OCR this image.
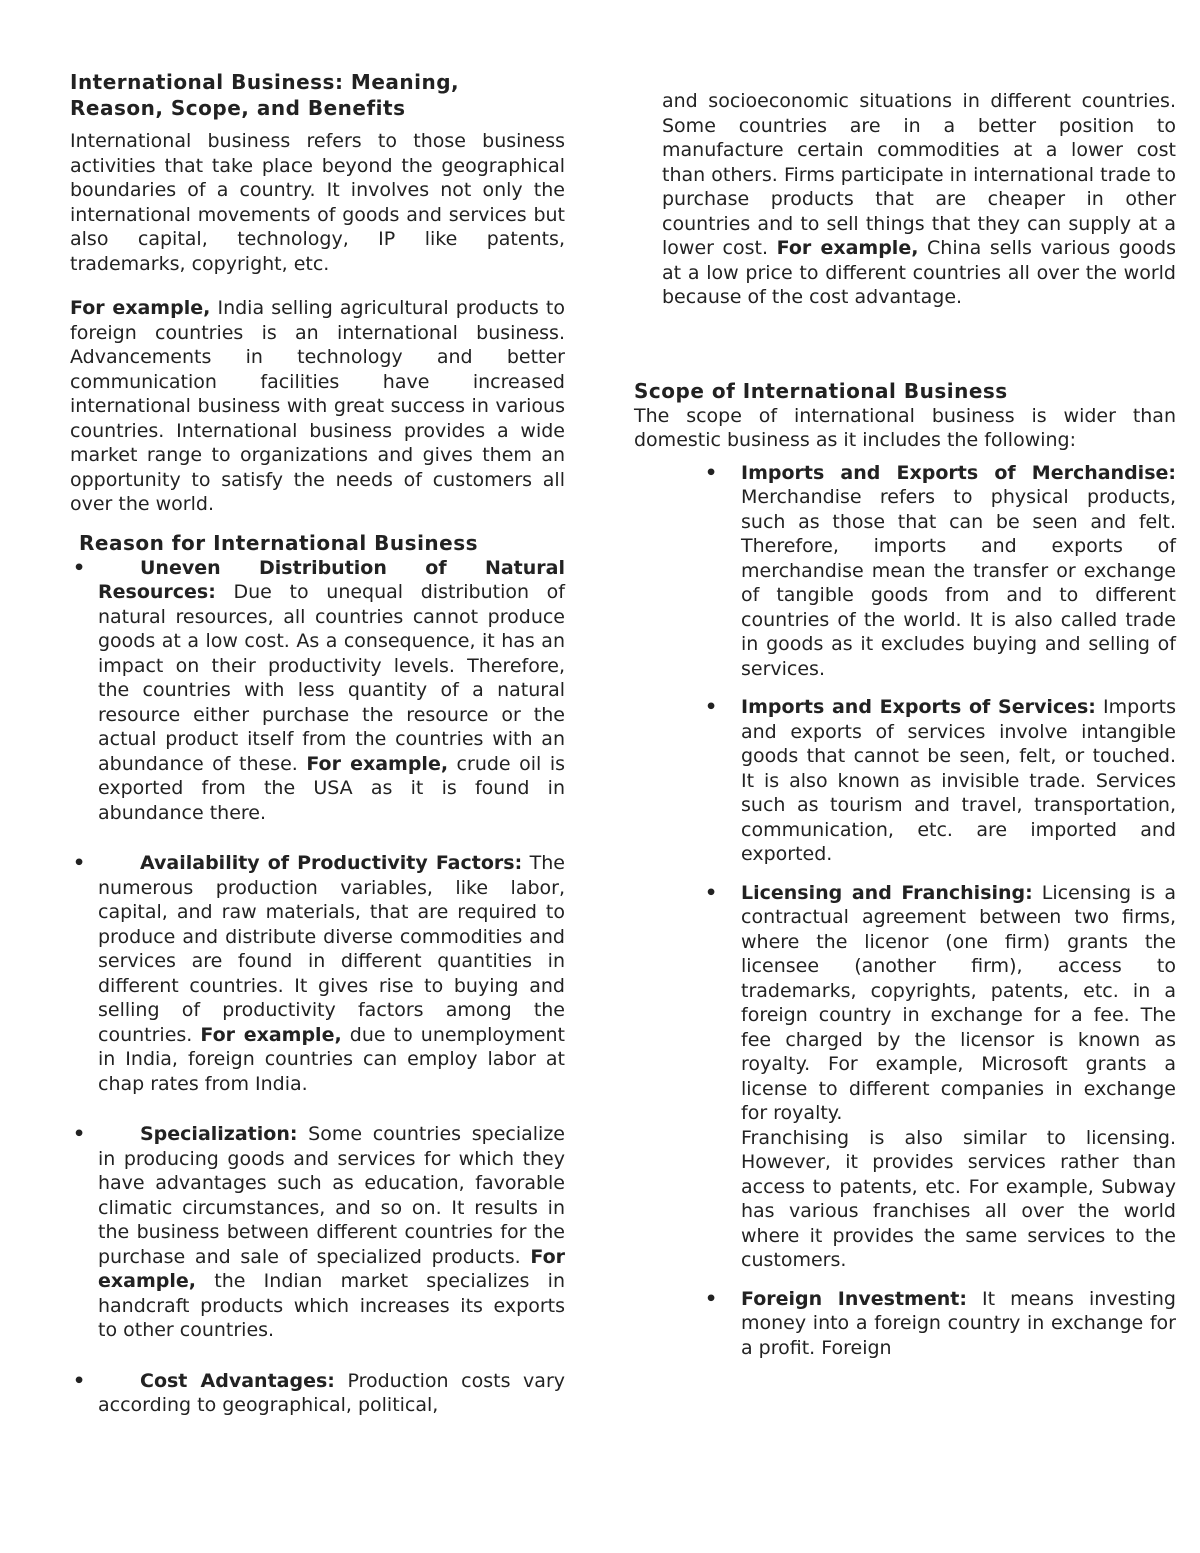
International Business: Meaning,
Reason, Scope, and Benefits

International business refers to those business activities that take place beyond the geographical boundaries of a country. It involves not only the international movements of goods and services but also capital, technology, IP like patents, trademarks, copyright, etc.

For example, India selling agricultural products to foreign countries is an international business. Advancements in technology and better communication facilities have increased international business with great success in various countries. International business provides a wide market range to organizations and gives them an opportunity to satisfy the needs of customers all over the world.

Reason for International Business
• Uneven Distribution of Natural Resources: Due to unequal distribution of natural resources, all countries cannot produce goods at a low cost. As a consequence, it has an impact on their productivity levels. Therefore, the countries with less quantity of a natural resource either purchase the resource or the actual product itself from the countries with an abundance of these. For example, crude oil is exported from the USA as it is found in abundance there.
• Availability of Productivity Factors: The numerous production variables, like labor, capital, and raw materials, that are required to produce and distribute diverse commodities and services are found in different quantities in different countries. It gives rise to buying and selling of productivity factors among the countries. For example, due to unemployment in India, foreign countries can employ labor at chap rates from India.
• Specialization: Some countries specialize in producing goods and services for which they have advantages such as education, favorable climatic circumstances, and so on. It results in the business between different countries for the purchase and sale of specialized products. For example, the Indian market specializes in handcraft products which increases its exports to other countries.
• Cost Advantages: Production costs vary according to geographical, political,

and socioeconomic situations in different countries. Some countries are in a better position to manufacture certain commodities at a lower cost than others. Firms participate in international trade to purchase products that are cheaper in other countries and to sell things that they can supply at a lower cost. For example, China sells various goods at a low price to different countries all over the world because of the cost advantage.

Scope of International Business

The scope of international business is wider than domestic business as it includes the following:

• Imports and Exports of Merchandise: Merchandise refers to physical products, such as those that can be seen and felt. Therefore, imports and exports of merchandise mean the transfer or exchange of tangible goods from and to different countries of the world. It is also called trade in goods as it excludes buying and selling of services.
• Imports and Exports of Services: Imports and exports of services involve intangible goods that cannot be seen, felt, or touched. It is also known as invisible trade. Services such as tourism and travel, transportation, communication, etc. are imported and exported.
• Licensing and Franchising: Licensing is a contractual agreement between two firms, where the licenor (one firm) grants the licensee (another firm), access to trademarks, copyrights, patents, etc. in a foreign country in exchange for a fee. The fee charged by the licensor is known as royalty. For example, Microsoft grants a license to different companies in exchange for royalty.
Franchising is also similar to licensing. However, it provides services rather than access to patents, etc. For example, Subway has various franchises all over the world where it provides the same services to the customers.
• Foreign Investment: It means investing money into a foreign country in exchange for a profit. Foreign
